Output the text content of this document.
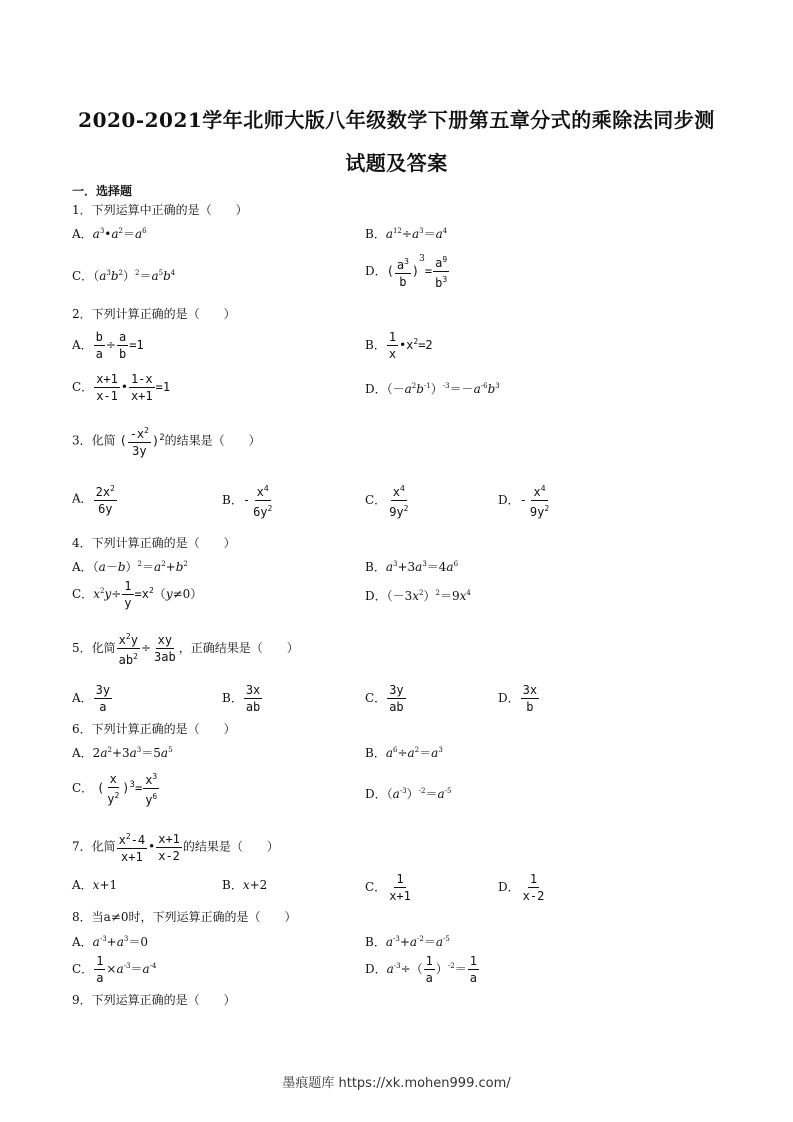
2020-2021学年北师大版八年级数学下册第五章分式的乘除法同步测
试题及答案
一．选择题
1．下列运算中正确的是（　　）
A．$a^3•a^2=a^6$	B．$a^{12}\div a^3=a^4$
C．$(a^3b^2)^2=a^5b^4$	D．( $\frac{a^3}{b} )^3= \frac{a^9}{b^3}$
2．下列计算正确的是（　　）
A． $\frac{b}{a} \div \frac{a}{b} =1$	B． $\frac{1}{x}$ $•x^2=2$
C． $\frac{x+1}{x-1}$ • $\frac{1-x}{x+1} =1$	D．$(-a^2b^{-1})^{-3}=-a^{-6}b^3$
3．化简 ( $\frac{-x^2}{3y} )^2$的结果是（　　）
A． $\frac{2x^2}{6y}$	B．- $\frac{x^4}{6y^2}$	C． $\frac{x^4}{9y^2}$	D．- $\frac{x^4}{9y^2}$
4．下列计算正确的是（　　）
A．$(a-b)^2=a^2+b^2$	B．$a^3+3a^3=4a^6$
C．$x^2y\div \frac{1}{y} =x^2(y\ne 0)$	D．$(-3x^2)^2=9x^4$
5．化简 $\frac{x^2y}{ab^2} \div \frac{xy}{3ab}$ ，正确结果是（　　）
A． $\frac{3y}{a}$	B． $\frac{3x}{ab}$	C． $\frac{3y}{ab}$	D． $\frac{3x}{b}$
6．下列计算正确的是（　　）
A．$2a^2+3a^3=5a^5$	B．$a^6\div a^2=a^3$
C． ( $\frac{x}{y^2} )^3= \frac{x^3}{y^6}$	D．$(a^{-3})^{-2}=a^{-5}$
7．化简 $\frac{x^2-4}{x+1}$ • $\frac{x+1}{x-2}$ 的结果是（　　）
A．x+1	B．x+2	C． $\frac{1}{x+1}$	D． $\frac{1}{x-2}$
8．当a≠0时，下列运算正确的是（　　）
A．$a^{-3}+a^3=0$	B．$a^{-3}+a^{-2}=a^{-5}$
C． $\frac{1}{a} \times a^{-3}=a^{-4}$	D．$a^{-3}\div( \frac{1}{a} )^{-2}= \frac{1}{a}$
9．下列运算正确的是（　　）
墨痕题库 https://xk.mohen999.com/
